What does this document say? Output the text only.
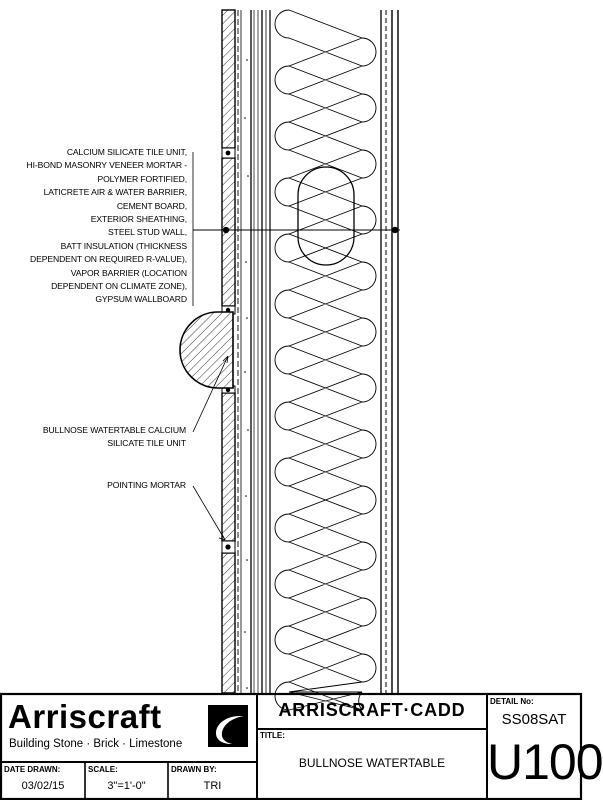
CALCIUM SILICATE TILE UNIT,
HI-BOND MASONRY VENEER MORTAR -
POLYMER FORTIFIED,
LATICRETE AIR & WATER BARRIER,
CEMENT BOARD,
EXTERIOR SHEATHING,
STEEL STUD WALL,
BATT INSULATION (THICKNESS
DEPENDENT ON REQUIRED R-VALUE),
VAPOR BARRIER (LOCATION
DEPENDENT ON CLIMATE ZONE),
GYPSUM WALLBOARD
BULLNOSE WATERTABLE CALCIUM
SILICATE TILE UNIT
POINTING MORTAR
Arriscraft
Building Stone · Brick · Limestone
ARRISCRAFT·CADD
TITLE:
BULLNOSE WATERTABLE
DETAIL No:
SS08SAT
U100
DATE DRAWN:
03/02/15
SCALE:
3"=1'-0"
DRAWN BY:
TRI
